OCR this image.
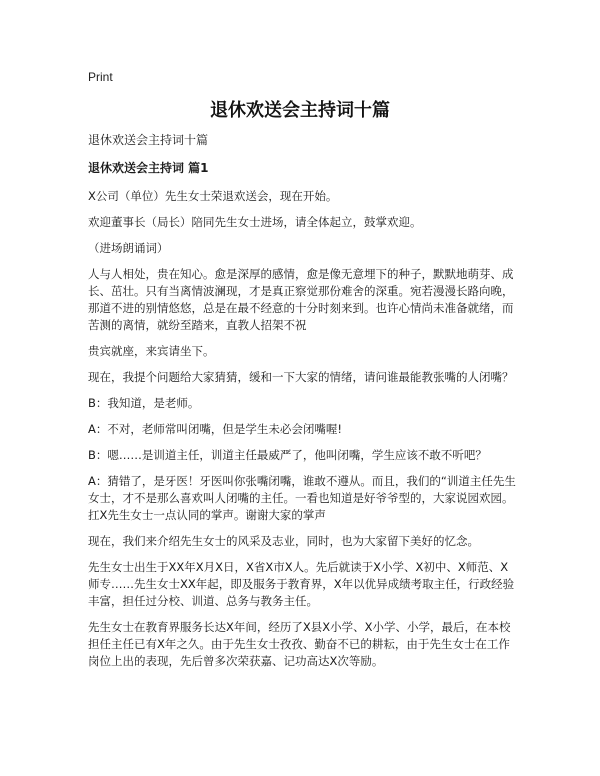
Print
退休欢送会主持词十篇

退休欢送会主持词十篇

退休欢送会主持词 篇1

X公司（单位）先生女士荣退欢送会，现在开始。

欢迎董事长（局长）陪同先生女士进场，请全体起立，鼓掌欢迎。

（进场朗诵词）

人与人相处，贵在知心。愈是深厚的感情，愈是像无意埋下的种子，默默地萌芽、成长、茁壮。只有当离情波澜现，才是真正察觉那份难舍的深重。宛若漫漫长路向晚，那道不进的别情悠悠，总是在最不经意的十分时刻来到。也许心情尚未准备就绪，而苦测的离情，就纷至踏来，直教人招架不祝

贵宾就座，来宾请坐下。

现在，我提个问题给大家猜猜，缓和一下大家的情绪，请问谁最能教张嘴的人闭嘴？

B：我知道，是老师。

A：不对，老师常叫闭嘴，但是学生未必会闭嘴喔!

B：嗯……是训道主任，训道主任最威严了，他叫闭嘴，学生应该不敢不听吧？

A：猜错了，是牙医！牙医叫你张嘴闭嘴，谁敢不遵从。而且，我们的“训道主任先生女士，才不是那么喜欢叫人闭嘴的主任。一看也知道是好爷爷型的，大家说园欢园。扛X先生女士一点认同的掌声。谢谢大家的掌声

现在，我们来介绍先生女士的风采及志业，同时，也为大家留下美好的忆念。

先生女士出生于XX年X月X日，X省X市X人。先后就读于X小学、X初中、X师范、X师专……先生女士XX年起，即及服务于教育界，X年以优异成绩考取主任，行政经验丰富，担任过分校、训道、总务与教务主任。

先生女士在教育界服务长达X年间，经历了X县X小学、X小学、小学，最后，在本校担任主任已有X年之久。由于先生女士孜孜、勤奋不已的耕耘，由于先生女士在工作岗位上出的表现，先后曾多次荣获嘉、记功高达X次等励。
